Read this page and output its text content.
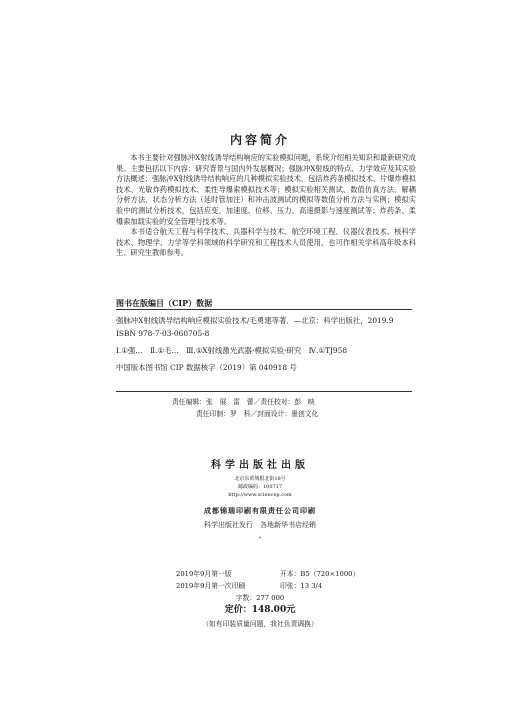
内容简介

本书主要针对强脉冲X射线诱导结构响应的实验模拟问题，系统介绍相关知识和最新研究成果。主要包括以下内容：研究背景与国内外发展概况；强脉冲X射线的特点、力学效应及其实验方法概述；强脉冲X射线诱导结构响应的几种模拟实验技术，包括炸药条模拟技术、片爆炸模拟技术、光敏炸药模拟技术、柔性导爆索模拟技术等；模拟实验相关测试、数值仿真方法、解耦分析方法、状态分析方法（延时管加注）和冲击波测试的模拟等数值分析方法与实例；模拟实验中的测试分析技术，包括应变、加速度、位移、压力、高速摄影与速度测试等；炸药条、柔爆索加载实验的安全管理与技术等。

本书适合航天工程与科学技术、兵器科学与技术、航空环境工程、仪器仪表技术、核科学技术、物理学、力学等学科领域的科学研究和工程技术人员使用，也可作相关学科高年级本科生、研究生教师参考。

图书在版编目（CIP）数据
强脉冲X射线诱导结构响应模拟实验技术/毛勇建等著．—北京：科学出版社，2019.9
ISBN 978-7-03-060705-8
Ⅰ.①强…　Ⅱ.①毛…　Ⅲ.①X射线激光武器-模拟实验-研究　Ⅳ.①TJ958
中国版本图书馆 CIP 数据核字（2019）第 040918 号
责任编辑：张　展　雷　蕾／责任校对：彭　映
责任印制：罗　科／封面设计：墨创文化
科学出版社出版
北京东黄城根北街16号
邮政编码：100717
http://www.sciencep.com
成都锦瑞印刷有限责任公司印刷
科学出版社发行　各地新华书店经销
*
2019年9月第一版	开本：B5（720×1000）
2019年9月第一次印刷	印张：13 3/4
字数：277 000
定价：148.00元
（如有印装质量问题，我社负责调换）
